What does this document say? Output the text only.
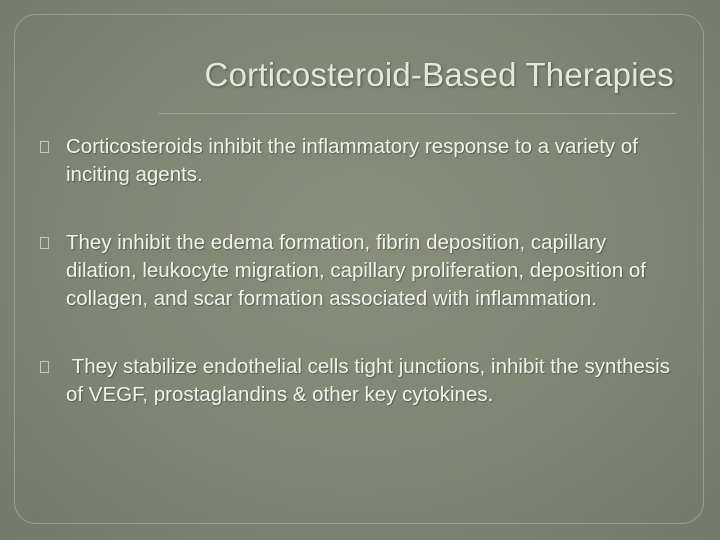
Corticosteroid-Based Therapies
Corticosteroids inhibit the inflammatory response to a variety of inciting agents.
They inhibit the edema formation, fibrin deposition, capillary dilation, leukocyte migration, capillary proliferation, deposition of collagen, and scar formation associated with inflammation.
They stabilize endothelial cells tight junctions, inhibit the synthesis of VEGF, prostaglandins & other key cytokines.
